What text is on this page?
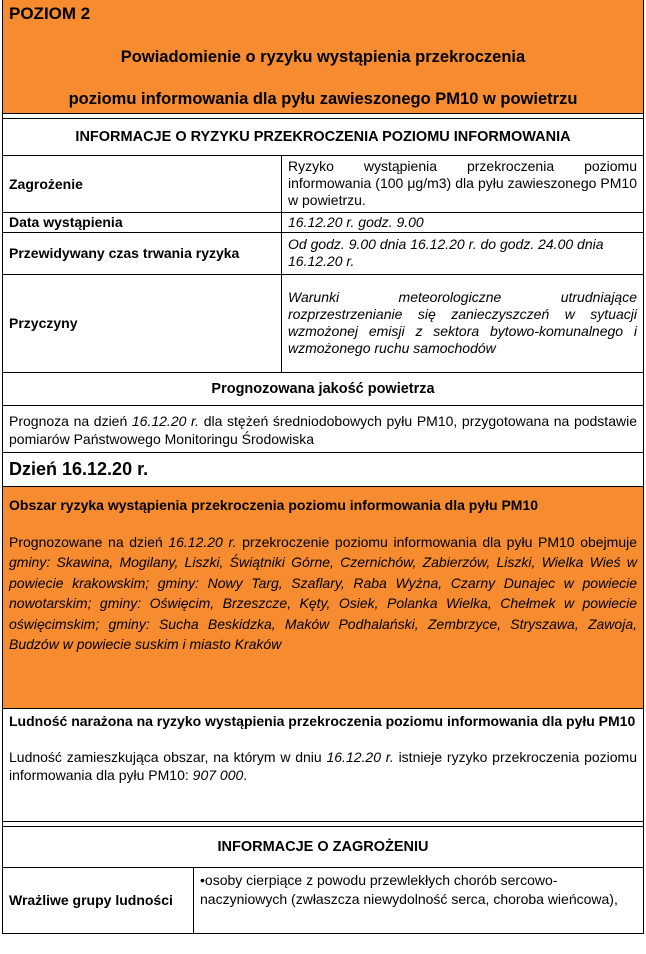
POZIOM 2
Powiadomienie o ryzyku wystąpienia przekroczenia
poziomu informowania dla pyłu zawieszonego PM10 w powietrzu
INFORMACJE O RYZYKU PRZEKROCZENIA POZIOMU INFORMOWANIA
Zagrożenie	Ryzyko wystąpienia przekroczenia poziomu informowania (100 μg/m3) dla pyłu zawieszonego PM10 w powietrzu.
Data wystąpienia	16.12.20 r. godz. 9.00
Przewidywany czas trwania ryzyka	Od godz. 9.00 dnia 16.12.20 r. do godz. 24.00 dnia 16.12.20 r.
Przyczyny	Warunki meteorologiczne utrudniające rozprzestrzenianie się zanieczyszczeń w sytuacji wzmożonej emisji z sektora bytowo-komunalnego i wzmożonego ruchu samochodów
Prognozowana jakość powietrza
Prognoza na dzień 16.12.20 r. dla stężeń średniodobowych pyłu PM10, przygotowana na podstawie pomiarów Państwowego Monitoringu Środowiska
Dzień 16.12.20 r.
Obszar ryzyka wystąpienia przekroczenia poziomu informowania dla pyłu PM10
Prognozowane na dzień 16.12.20 r. przekroczenie poziomu informowania dla pyłu PM10 obejmuje gminy: Skawina, Mogilany, Liszki, Świątniki Górne, Czernichów, Zabierzów, Liszki, Wielka Wieś w powiecie krakowskim; gminy: Nowy Targ, Szaflary, Raba Wyżna, Czarny Dunajec w powiecie nowotarskim; gminy: Oświęcim, Brzeszcze, Kęty, Osiek, Polanka Wielka, Chełmek w powiecie oświęcimskim; gminy: Sucha Beskidzka, Maków Podhalański, Zembrzyce, Stryszawa, Zawoja, Budzów w powiecie suskim i miasto Kraków
Ludność narażona na ryzyko wystąpienia przekroczenia poziomu informowania dla pyłu PM10
Ludność zamieszkująca obszar, na którym w dniu 16.12.20 r. istnieje ryzyko przekroczenia poziomu informowania dla pyłu PM10: 907 000.
INFORMACJE O ZAGROŻENIU
Wrażliwe grupy ludności	•osoby cierpiące z powodu przewlekłych chorób sercowo-naczyniowych (zwłaszcza niewydolność serca, choroba wieńcowa),
